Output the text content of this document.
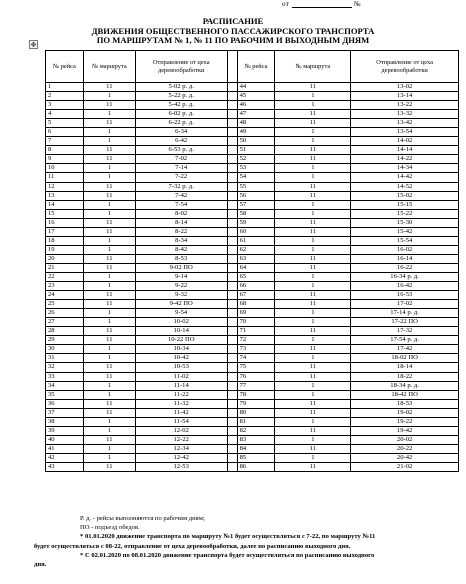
от	№
РАСПИСАНИЕ
ДВИЖЕНИЯ ОБЩЕСТВЕННОГО ПАССАЖИРСКОГО ТРАНСПОРТА
ПО МАРШРУТАМ № 1, № 11 ПО РАБОЧИМ И ВЫХОДНЫМ ДНЯМ
✥
№ рейса	№ маршрута	Отправление от цеха деревообработки		№ рейса	№ маршрута	Отправление от цеха деревообработки
1	11	5-02 р. д.		44	11	13-02
2	1	5-22 р. д.		45	1	13-14
3	11	5-42 р. д.		46	1	13-22
4	1	6-02 р. д.		47	11	13-32
5	11	6-22 р. д.		48	11	13-42
6	1	6-34		49	1	13-54
7	1	6-42		50	1	14-02
8	11	6-53 р. д.		51	11	14-14
9	11	7-02		52	11	14-22
10	1	7-14		53	1	14-34
11	1	7-22		54	1	14-42
12	11	7-32 р. д.		55	11	14-52
13	11	7-42		56	11	15-02
14	1	7-54		57	1	15-15
15	1	8-02		58	1	15-22
16	11	8-14		59	11	15-30
17	11	8-22		60	11	15-42
18	1	8-34		61	1	15-54
19	1	8-42		62	1	16-02
20	11	8-53		63	11	16-14
21	11	9-02 ПО		64	11	16-22
22	1	9-14		65	1	16-34 р. д.
23	1	9-22		66	1	16-42
24	11	9-32		67	11	16-53
25	11	9-42 ПО		68	11	17-02
26	1	9-54		69	1	17-14 р. д.
27	1	10-02		70	1	17-22 ПО
28	11	10-14		71	11	17-32
29	11	10-22 ПО		72	1	17-54 р. д.
30	1	10-34		73	11	17-42
31	1	10-42		74	1	18-02 ПО
32	11	10-53		75	11	18-14
33	11	11-02		76	11	18-22
34	1	11-14		77	1	18-34 р. д.
35	1	11-22		78	1	18-42 ПО
36	11	11-32		79	11	18-53
37	11	11-42		80	11	19-02
38	1	11-54		81	1	19-22
39	1	12-02		82	11	19-42
40	11	12-22		83	1	20-02
41	1	12-34		84	11	20-22
42	1	12-42		85	1	20-42
43	11	12-53		86	11	21-02

Р. д. - рейсы выполняются по рабочим дням;

ПО - подъезд обедов.

* 01.01.2020 движение транспорта по маршруту №1 будет осуществляться с 7-22, по маршруту №11

будет осуществляться с 08-22, отправление от цеха деревообработки, далее по расписанию выходного дня.

* С 02.01.2020 по 08.01.2020 движение транспорта будет осуществляться по расписанию выходного

дня.
